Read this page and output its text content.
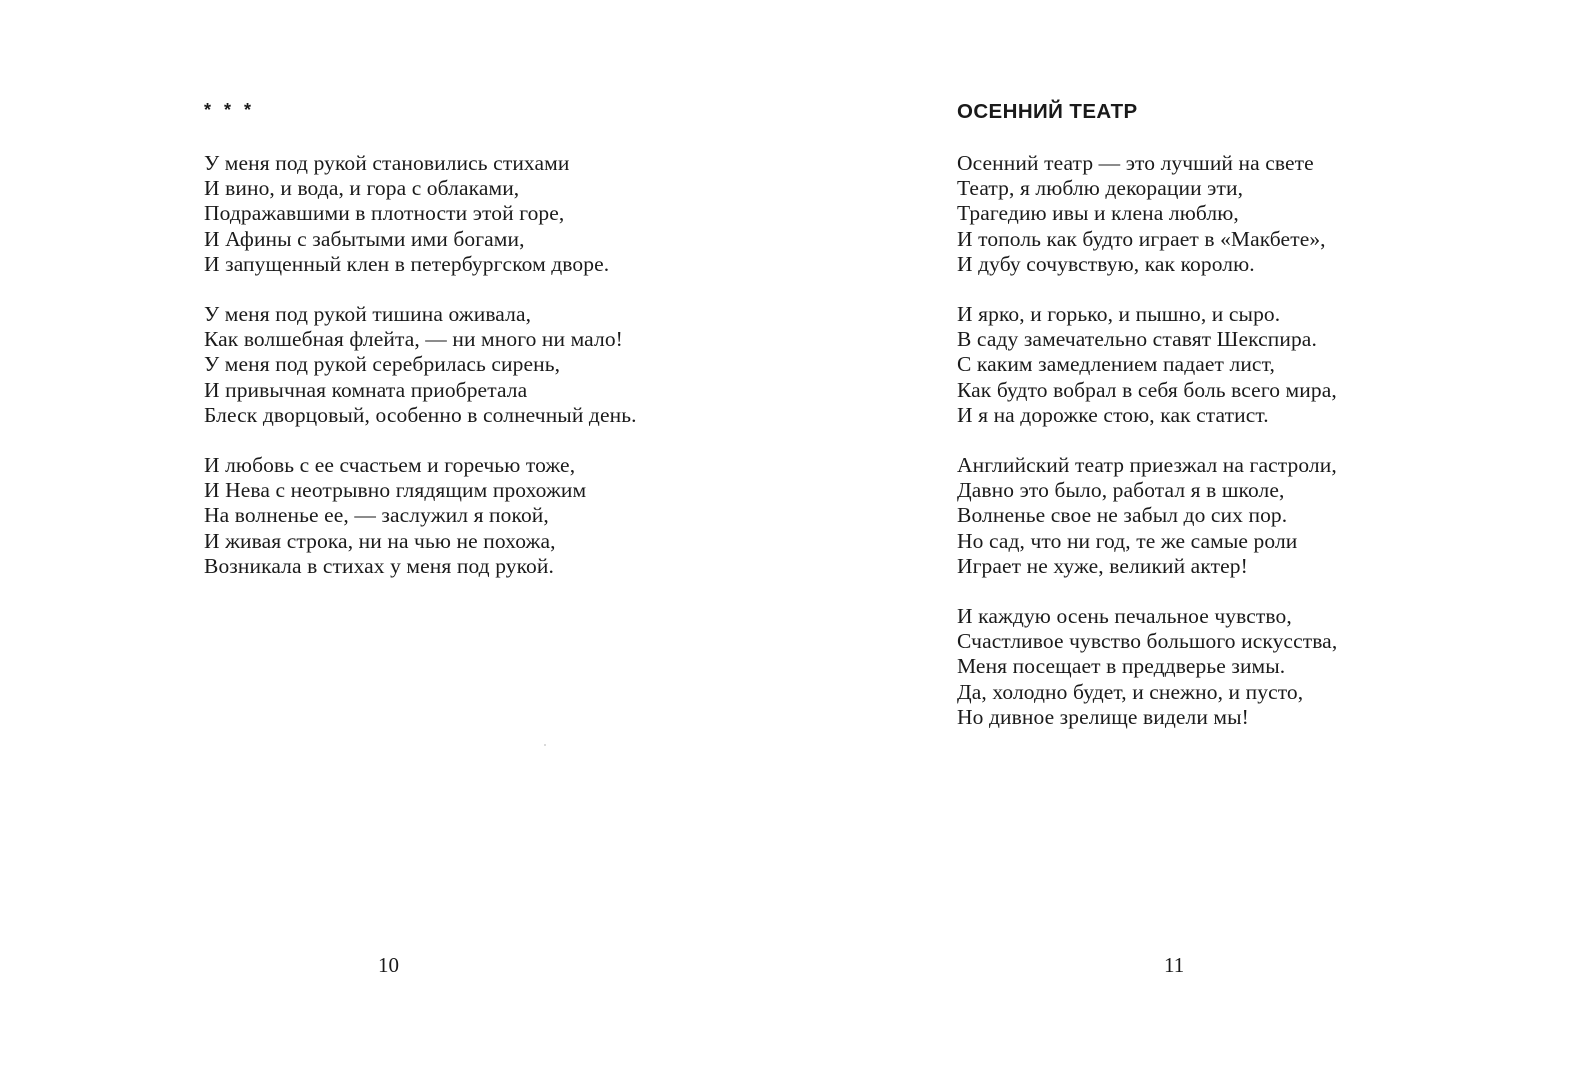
* * *
У меня под рукой становились стихами
И вино, и вода, и гора с облаками,
Подражавшими в плотности этой горе,
И Афины с забытыми ими богами,
И запущенный клен в петербургском дворе.
У меня под рукой тишина оживала,
Как волшебная флейта, — ни много ни мало!
У меня под рукой серебрилась сирень,
И привычная комната приобретала
Блеск дворцовый, особенно в солнечный день.
И любовь с ее счастьем и горечью тоже,
И Нева с неотрывно глядящим прохожим
На волненье ее, — заслужил я покой,
И живая строка, ни на чью не похожа,
Возникала в стихах у меня под рукой.
10
ОСЕННИЙ ТЕАТР
Осенний театр — это лучший на свете
Театр, я люблю декорации эти,
Трагедию ивы и клена люблю,
И тополь как будто играет в «Макбете»,
И дубу сочувствую, как королю.
И ярко, и горько, и пышно, и сыро.
В саду замечательно ставят Шекспира.
С каким замедлением падает лист,
Как будто вобрал в себя боль всего мира,
И я на дорожке стою, как статист.
Английский театр приезжал на гастроли,
Давно это было, работал я в школе,
Волненье свое не забыл до сих пор.
Но сад, что ни год, те же самые роли
Играет не хуже, великий актер!
И каждую осень печальное чувство,
Счастливое чувство большого искусства,
Меня посещает в преддверье зимы.
Да, холодно будет, и снежно, и пусто,
Но дивное зрелище видели мы!
11
